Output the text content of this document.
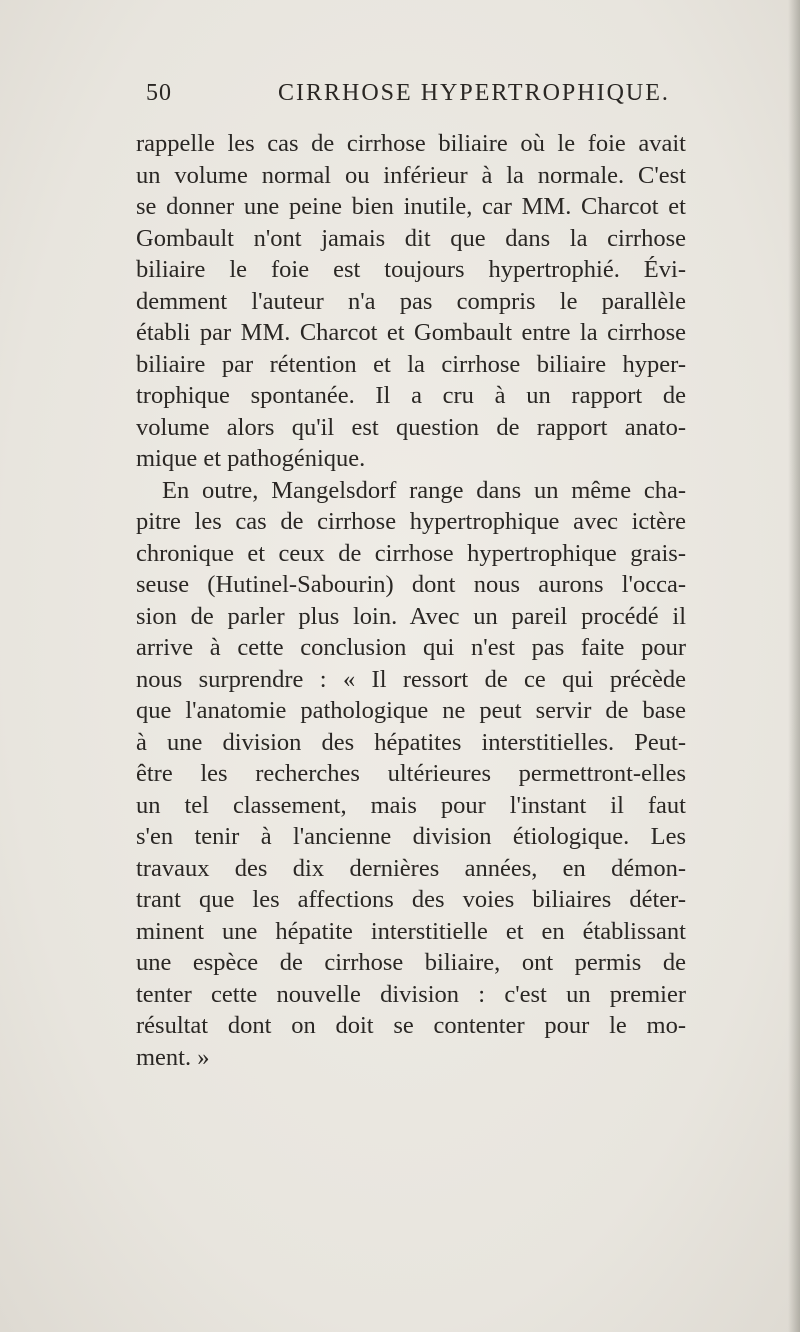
50	CIRRHOSE HYPERTROPHIQUE.
rappelle les cas de cirrhose biliaire où le foie avait
un volume normal ou inférieur à la normale. C'est
se donner une peine bien inutile, car MM. Charcot et
Gombault n'ont jamais dit que dans la cirrhose
biliaire le foie est toujours hypertrophié. Évi-
demment l'auteur n'a pas compris le parallèle
établi par MM. Charcot et Gombault entre la cirrhose
biliaire par rétention et la cirrhose biliaire hyper-
trophique spontanée. Il a cru à un rapport de
volume alors qu'il est question de rapport anato-
mique et pathogénique.
En outre, Mangelsdorf range dans un même cha-
pitre les cas de cirrhose hypertrophique avec ictère
chronique et ceux de cirrhose hypertrophique grais-
seuse (Hutinel-Sabourin) dont nous aurons l'occa-
sion de parler plus loin. Avec un pareil procédé il
arrive à cette conclusion qui n'est pas faite pour
nous surprendre : « Il ressort de ce qui précède
que l'anatomie pathologique ne peut servir de base
à une division des hépatites interstitielles. Peut-
être les recherches ultérieures permettront-elles
un tel classement, mais pour l'instant il faut
s'en tenir à l'ancienne division étiologique. Les
travaux des dix dernières années, en démon-
trant que les affections des voies biliaires déter-
minent une hépatite interstitielle et en établissant
une espèce de cirrhose biliaire, ont permis de
tenter cette nouvelle division : c'est un premier
résultat dont on doit se contenter pour le mo-
ment. »
